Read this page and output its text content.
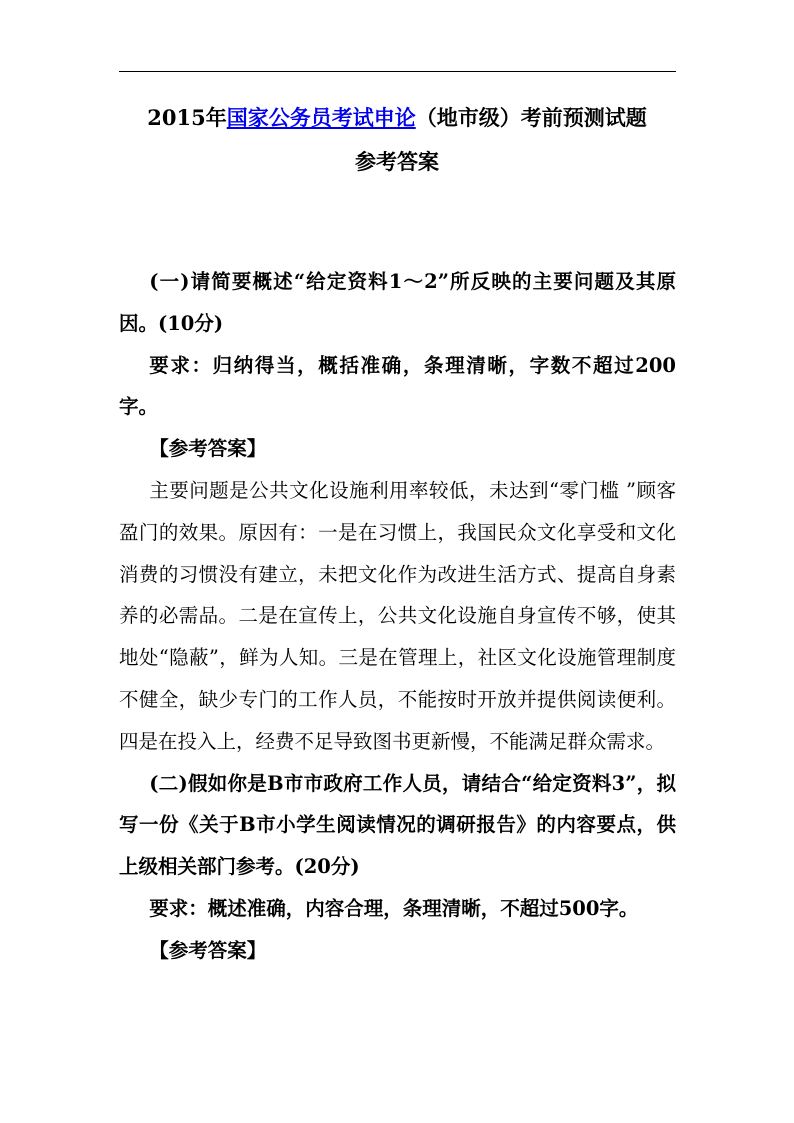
2015年国家公务员考试申论（地市级）考前预测试题
参考答案

(一)请简要概述“给定资料1～2”所反映的主要问题及其原因。(10分)

要求：归纳得当，概括准确，条理清晰，字数不超过200字。

【参考答案】

主要问题是公共文化设施利用率较低，未达到“零门槛 ”顾客盈门的效果。原因有：一是在习惯上，我国民众文化享受和文化消费的习惯没有建立，未把文化作为改进生活方式、提高自身素养的必需品。二是在宣传上，公共文化设施自身宣传不够，使其地处“隐蔽”，鲜为人知。三是在管理上，社区文化设施管理制度不健全，缺少专门的工作人员，不能按时开放并提供阅读便利。四是在投入上，经费不足导致图书更新慢，不能满足群众需求。

(二)假如你是B市市政府工作人员，请结合“给定资料3”，拟写一份《关于B市小学生阅读情况的调研报告》的内容要点，供上级相关部门参考。(20分)

要求：概述准确，内容合理，条理清晰，不超过500字。

【参考答案】
